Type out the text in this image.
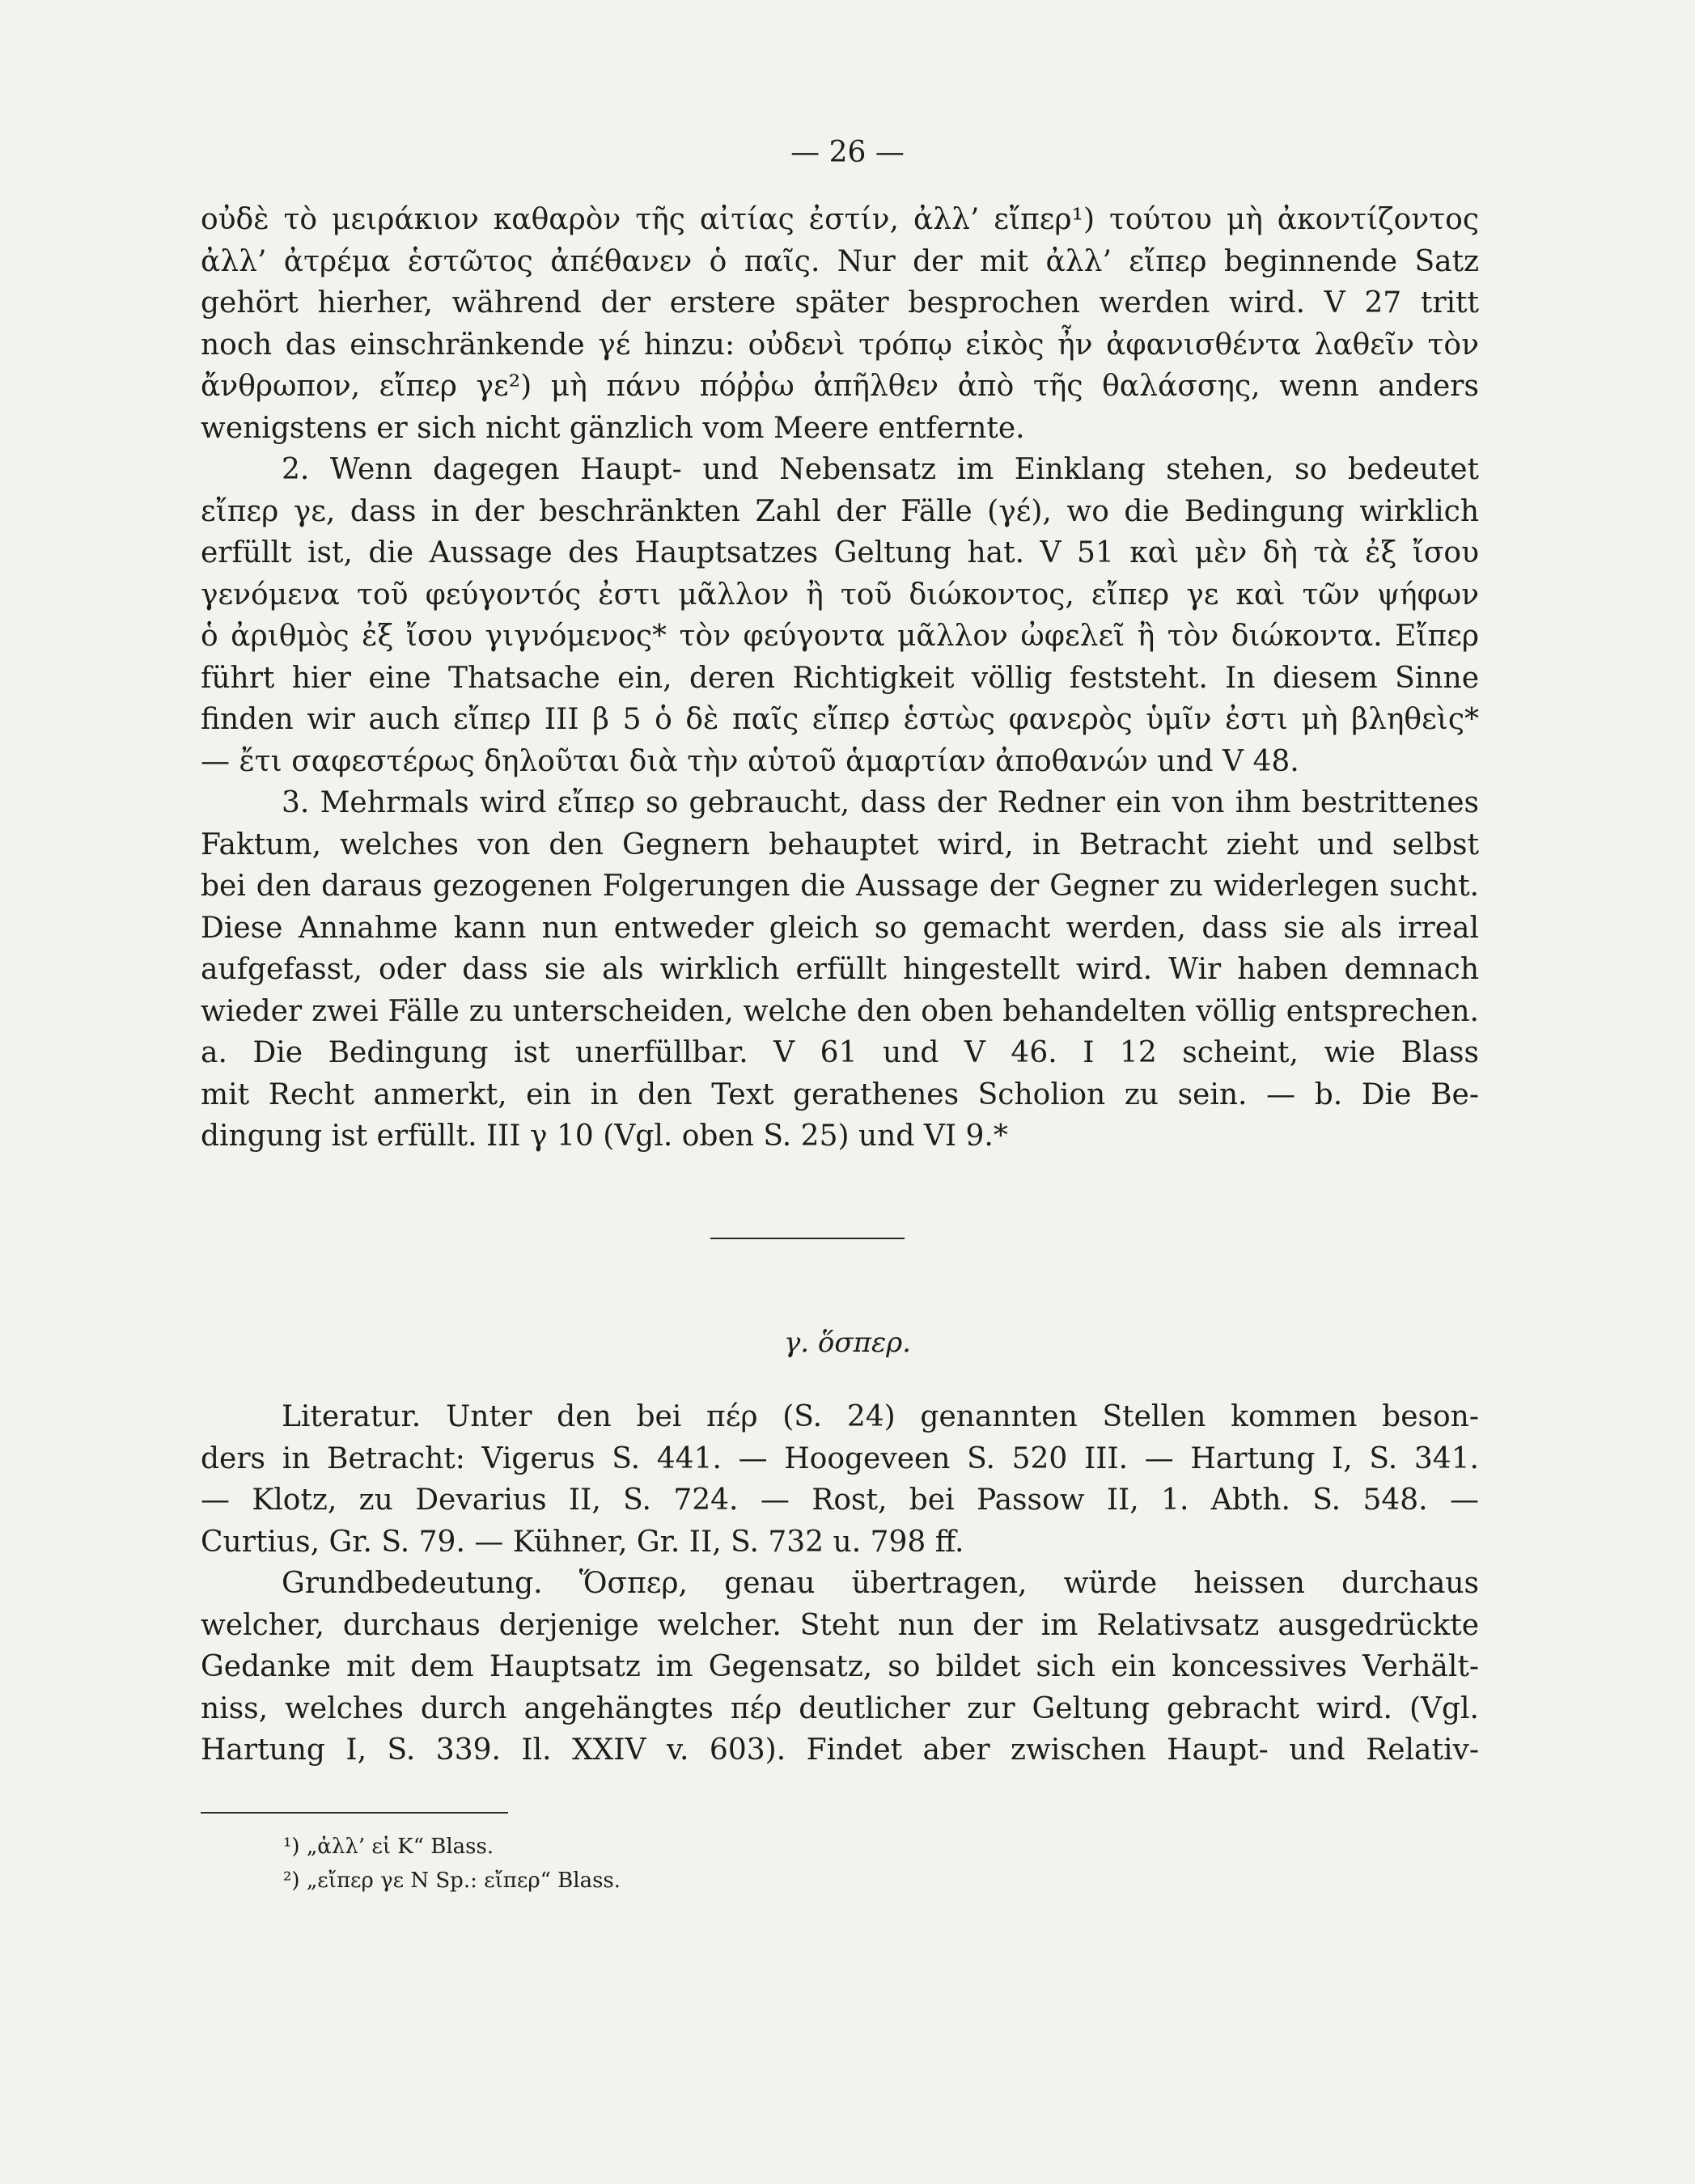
— 26 —
οὐδὲ τὸ μειράκιον καθαρὸν τῆς αἰτίας ἐστίν, ἀλλ’ εἴπερ¹) τούτου μὴ ἀκοντίζοντος
ἀλλ’ ἀτρέμα ἑστῶτος ἀπέθανεν ὁ παῖς. Nur der mit ἀλλ’ εἴπερ beginnende Satz
gehört hierher, während der erstere später besprochen werden wird. V 27 tritt
noch das einschränkende γέ hinzu: οὐδενὶ τρόπῳ εἰκὸς ἦν ἀφανισθέντα λαθεῖν τὸν
ἄνθρωπον, εἴπερ γε²) μὴ πάνυ πόῤῥω ἀπῆλθεν ἀπὸ τῆς θαλάσσης, wenn anders
wenigstens er sich nicht gänzlich vom Meere entfernte.
2. Wenn dagegen Haupt- und Nebensatz im Einklang stehen, so bedeutet
εἴπερ γε, dass in der beschränkten Zahl der Fälle (γέ), wo die Bedingung wirklich
erfüllt ist, die Aussage des Hauptsatzes Geltung hat. V 51 καὶ μὲν δὴ τὰ ἐξ ἴσου
γενόμενα τοῦ φεύγοντός ἐστι μᾶλλον ἢ τοῦ διώκοντος, εἴπερ γε καὶ τῶν ψήφων
ὁ ἀριθμὸς ἐξ ἴσου γιγνόμενος* τὸν φεύγοντα μᾶλλον ὠφελεῖ ἢ τὸν διώκοντα. Εἴπερ
führt hier eine Thatsache ein, deren Richtigkeit völlig feststeht. In diesem Sinne
finden wir auch εἴπερ III β 5 ὁ δὲ παῖς εἴπερ ἑστὼς φανερὸς ὑμῖν ἐστι μὴ βληθεὶς*
— ἔτι σαφεστέρως δηλοῦται διὰ τὴν αὑτοῦ ἁμαρτίαν ἀποθανών und V 48.
3. Mehrmals wird εἴπερ so gebraucht, dass der Redner ein von ihm bestrittenes
Faktum, welches von den Gegnern behauptet wird, in Betracht zieht und selbst
bei den daraus gezogenen Folgerungen die Aussage der Gegner zu widerlegen sucht.
Diese Annahme kann nun entweder gleich so gemacht werden, dass sie als irreal
aufgefasst, oder dass sie als wirklich erfüllt hingestellt wird. Wir haben demnach
wieder zwei Fälle zu unterscheiden, welche den oben behandelten völlig entsprechen.
a. Die Bedingung ist unerfüllbar. V 61 und V 46. I 12 scheint, wie Blass
mit Recht anmerkt, ein in den Text gerathenes Scholion zu sein. — b. Die Be-
dingung ist erfüllt. III γ 10 (Vgl. oben S. 25) und VI 9.*
γ. ὅσπερ.
Literatur. Unter den bei πέρ (S. 24) genannten Stellen kommen beson-
ders in Betracht: Vigerus S. 441. — Hoogeveen S. 520 III. — Hartung I, S. 341.
— Klotz, zu Devarius II, S. 724. — Rost, bei Passow II, 1. Abth. S. 548. —
Curtius, Gr. S. 79. — Kühner, Gr. II, S. 732 u. 798 ff.
Grundbedeutung. Ὅσπερ, genau übertragen, würde heissen durchaus
welcher, durchaus derjenige welcher. Steht nun der im Relativsatz ausgedrückte
Gedanke mit dem Hauptsatz im Gegensatz, so bildet sich ein koncessives Verhält-
niss, welches durch angehängtes πέρ deutlicher zur Geltung gebracht wird. (Vgl.
Hartung I, S. 339. Il. XXIV v. 603). Findet aber zwischen Haupt- und Relativ-
¹) „ἀλλ’ εἰ K“ Blass.
²) „εἴπερ γε N Sp.: εἴπερ“ Blass.
